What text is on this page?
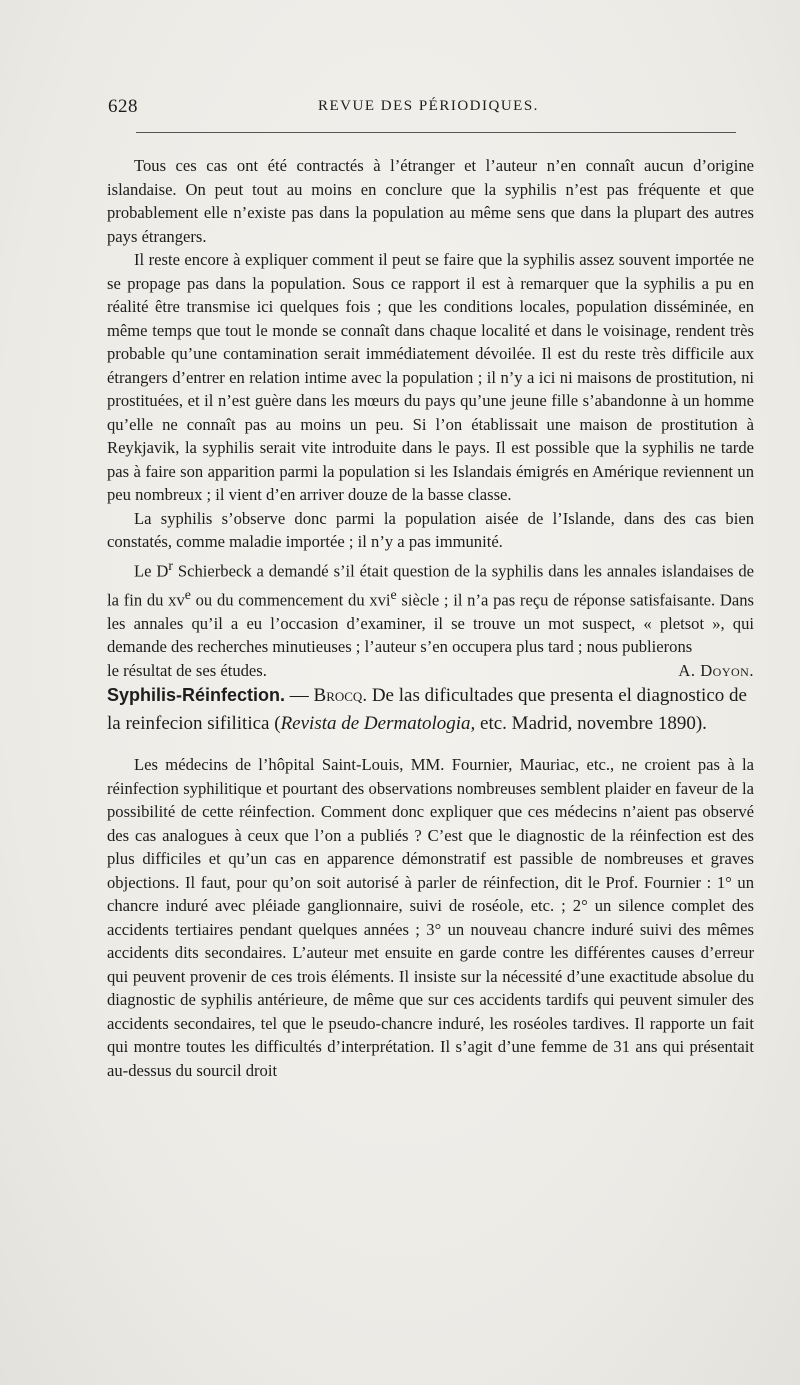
628	REVUE DES PÉRIODIQUES.

Tous ces cas ont été contractés à l’étranger et l’auteur n’en connaît aucun d’origine islandaise. On peut tout au moins en conclure que la syphilis n’est pas fréquente et que probablement elle n’existe pas dans la population au même sens que dans la plupart des autres pays étrangers.

Il reste encore à expliquer comment il peut se faire que la syphilis assez souvent importée ne se propage pas dans la population. Sous ce rapport il est à remarquer que la syphilis a pu en réalité être transmise ici quelques fois ; que les conditions locales, population disséminée, en même temps que tout le monde se connaît dans chaque localité et dans le voisinage, rendent très probable qu’une contamination serait immédiatement dévoilée. Il est du reste très difficile aux étrangers d’entrer en relation intime avec la population ; il n’y a ici ni maisons de prostitution, ni prostituées, et il n’est guère dans les mœurs du pays qu’une jeune fille s’abandonne à un homme qu’elle ne connaît pas au moins un peu. Si l’on établissait une maison de prostitution à Reykjavik, la syphilis serait vite introduite dans le pays. Il est possible que la syphilis ne tarde pas à faire son apparition parmi la population si les Islandais émigrés en Amérique reviennent un peu nombreux ; il vient d’en arriver douze de la basse classe.

La syphilis s’observe donc parmi la population aisée de l’Islande, dans des cas bien constatés, comme maladie importée ; il n’y a pas immunité.

Le $D^r$ Schierbeck a demandé s’il était question de la syphilis dans les annales islandaises de la fin du $xv^e$ ou du commencement du xvi$^e$ siècle ; il n’a pas reçu de réponse satisfaisante. Dans les annales qu’il a eu l’occasion d’examiner, il se trouve un mot suspect, « pletsot », qui demande des recherches minutieuses ; l’auteur s’en occupera plus tard ; nous publierons

le résultat de ses études.	A. Doyon.

Syphilis-Réinfection. — Brocq. De las dificultades que presenta el diagnostico de la reinfecion sifilitica (Revista de Dermatologia, etc. Madrid, novembre 1890).

Les médecins de l’hôpital Saint-Louis, MM. Fournier, Mauriac, etc., ne croient pas à la réinfection syphilitique et pourtant des observations nombreuses semblent plaider en faveur de la possibilité de cette réinfection. Comment donc expliquer que ces médecins n’aient pas observé des cas analogues à ceux que l’on a publiés ? C’est que le diagnostic de la réinfection est des plus difficiles et qu’un cas en apparence démonstratif est passible de nombreuses et graves objections. Il faut, pour qu’on soit autorisé à parler de réinfection, dit le Prof. Fournier : 1° un chancre induré avec pléiade ganglionnaire, suivi de roséole, etc. ; 2° un silence complet des accidents tertiaires pendant quelques années ; 3° un nouveau chancre induré suivi des mêmes accidents dits secondaires. L’auteur met ensuite en garde contre les différentes causes d’erreur qui peuvent provenir de ces trois éléments. Il insiste sur la nécessité d’une exactitude absolue du diagnostic de syphilis antérieure, de même que sur ces accidents tardifs qui peuvent simuler des accidents secondaires, tel que le pseudo-chancre induré, les roséoles tardives. Il rapporte un fait qui montre toutes les difficultés d’interprétation. Il s’agit d’une femme de 31 ans qui présentait au-dessus du sourcil droit
